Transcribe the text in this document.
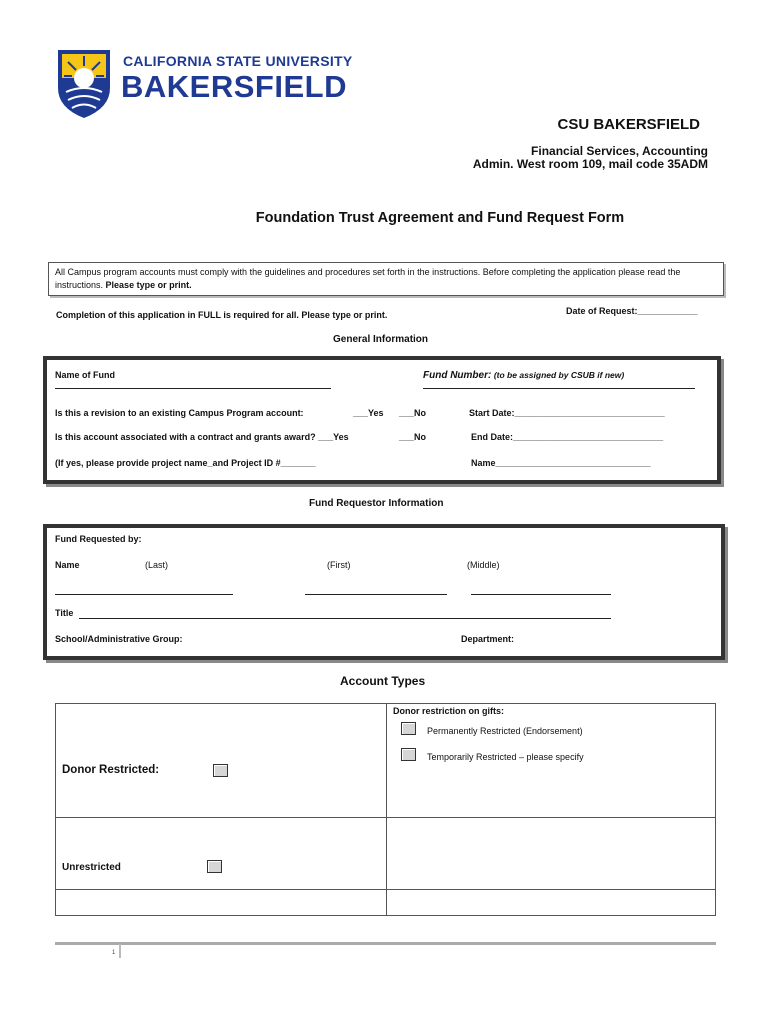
CALIFORNIA STATE UNIVERSITY
BAKERSFIELD
CSU BAKERSFIELD
Financial Services, Accounting
Admin. West room 109, mail code 35ADM
Foundation Trust Agreement and Fund Request Form
All Campus program accounts must comply with the guidelines and procedures set forth in the instructions. Before completing the application please read the instructions. Please type or print.
Completion of this application in FULL is required for all. Please type or print.	Date of Request:____________
General Information
Name of Fund	Fund Number: (to be assigned by CSUB if new)
Is this a revision to an existing Campus Program account:	___Yes ___No	Start Date:______________________________
Is this account associated with a contract and grants award? ___Yes	___No	End Date:______________________________
(If yes, please provide project name_and Project ID #_______	Name_______________________________
Fund Requestor Information
Fund Requested by:
Name	(Last)	(First)	(Middle)
Title
School/Administrative Group:	Department:
Account Types
Donor Restricted:	Donor restriction on gifts:
Permanently Restricted (Endorsement)
Temporarily Restricted – please specify

Unrestricted	

1
